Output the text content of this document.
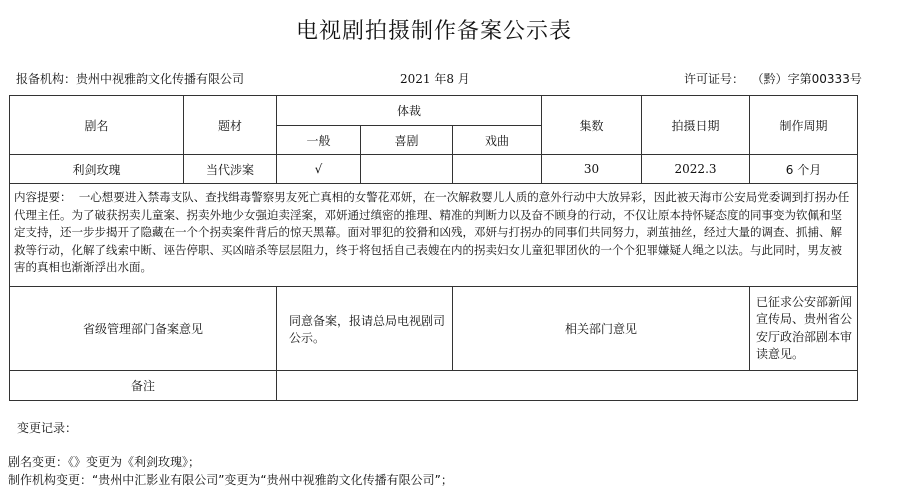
电视剧拍摄制作备案公示表
报备机构：贵州中视雅韵文化传播有限公司	2021 年8 月	许可证号： （黔）字第00333号
剧名	题材	体裁			集数	拍摄日期	制作周期
		一般	喜剧	戏曲			
利剑玫瑰	当代涉案	√			30	2022.3	6 个月
内容提要： 一心想要进入禁毒支队、查找缉毒警察男友死亡真相的女警花邓妍，在一次解救婴儿人质的意外行动中大放异彩，因此被天海市公安局党委调到打拐办任代理主任。为了破获拐卖儿童案、拐卖外地少女强迫卖淫案，邓妍通过缜密的推理、精准的判断力以及奋不顾身的行动，不仅让原本持怀疑态度的同事变为钦佩和坚定支持，还一步步揭开了隐藏在一个个拐卖案件背后的惊天黑幕。面对罪犯的狡猾和凶残，邓妍与打拐办的同事们共同努力，剥茧抽丝，经过大量的调查、抓捕、解救等行动，化解了线索中断、诬告停职、买凶暗杀等层层阻力，终于将包括自己表嫂在内的拐卖妇女儿童犯罪团伙的一个个犯罪嫌疑人绳之以法。与此同时，男友被害的真相也渐渐浮出水面。							
省级管理部门备案意见		同意备案，报请总局电视剧司公示。		相关部门意见			已征求公安部新闻宣传局、贵州省公安厅政治部剧本审读意见。
备注							
变更记录：
剧名变更：《》变更为《利剑玫瑰》；
制作机构变更：“贵州中汇影业有限公司”变更为“贵州中视雅韵文化传播有限公司”；
